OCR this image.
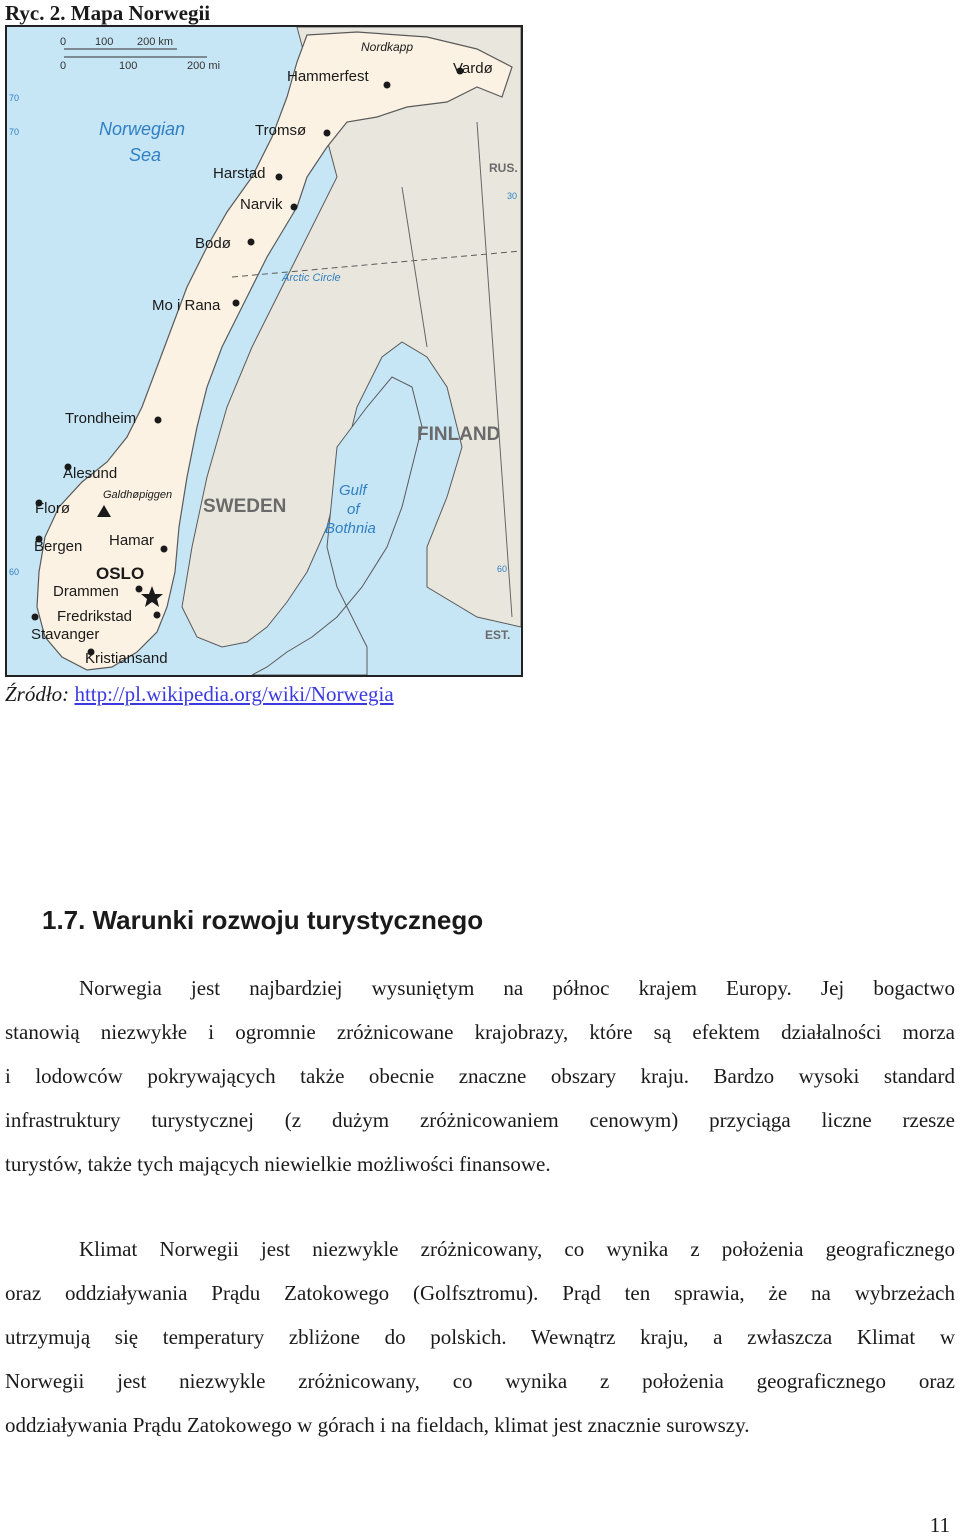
Ryc. 2. Mapa Norwegii
0	100 200 km
0	100	200 mi
Norwegian
Sea
Gulf
of
Bothnia
SWEDEN
FINLAND
RUS.
EST.
Arctic Circle
70
70
30
60	60
Nordkapp
Hammerfest	Vardø
Tromsø
Harstad
Narvik
Bodø
Mo i Rana
Trondheim
Ålesund
Galdhøpiggen
Florø
Bergen Hamar
OSLO
Drammen
Fredrikstad
Stavanger
Kristiansand
Źródło: http://pl.wikipedia.org/wiki/Norwegia
1.7. Warunki rozwoju turystycznego

Norwegia jest najbardziej wysuniętym na północ krajem Europy. Jej bogactwo
stanowią niezwykłe i ogromnie zróżnicowane krajobrazy, które są efektem działalności morza
i lodowców pokrywających także obecnie znaczne obszary kraju. Bardzo wysoki standard
infrastruktury turystycznej (z dużym zróżnicowaniem cenowym) przyciąga liczne rzesze
turystów, także tych mających niewielkie możliwości finansowe.

Klimat Norwegii jest niezwykle zróżnicowany, co wynika z położenia geograficznego
oraz oddziaływania Prądu Zatokowego (Golfsztromu). Prąd ten sprawia, że na wybrzeżach
utrzymują się temperatury zbliżone do polskich. Wewnątrz kraju, a zwłaszcza Klimat w
Norwegii jest niezwykle zróżnicowany, co wynika z położenia geograficznego oraz
oddziaływania Prądu Zatokowego w górach i na fieldach, klimat jest znacznie surowszy.

11
